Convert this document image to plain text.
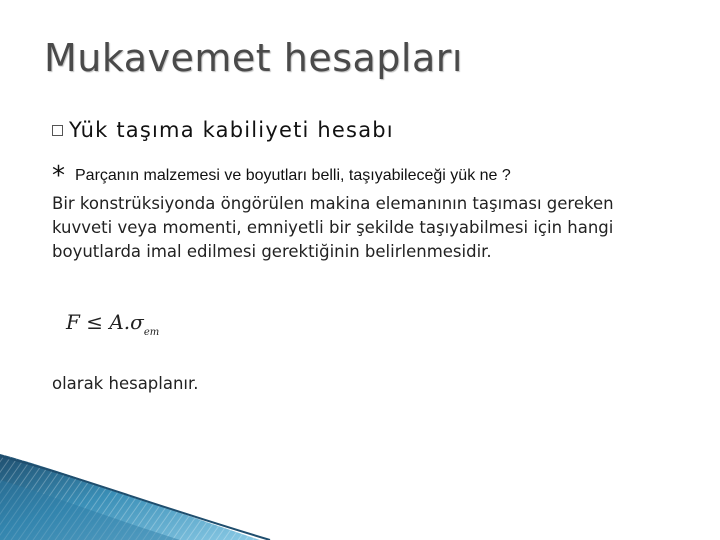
Mukavemet hesapları
Yük taşıma kabiliyeti hesabı
* Parçanın malzemesi ve boyutları belli, taşıyabileceği yük ne ?

Bir konstrüksiyonda öngörülen makina elemanının taşıması gereken kuvveti veya momenti, emniyetli bir şekilde taşıyabilmesi için hangi boyutlarda imal edilmesi gerektiğinin belirlenmesidir.

$F \le A.\sigma_{em}$

olarak hesaplanır.
